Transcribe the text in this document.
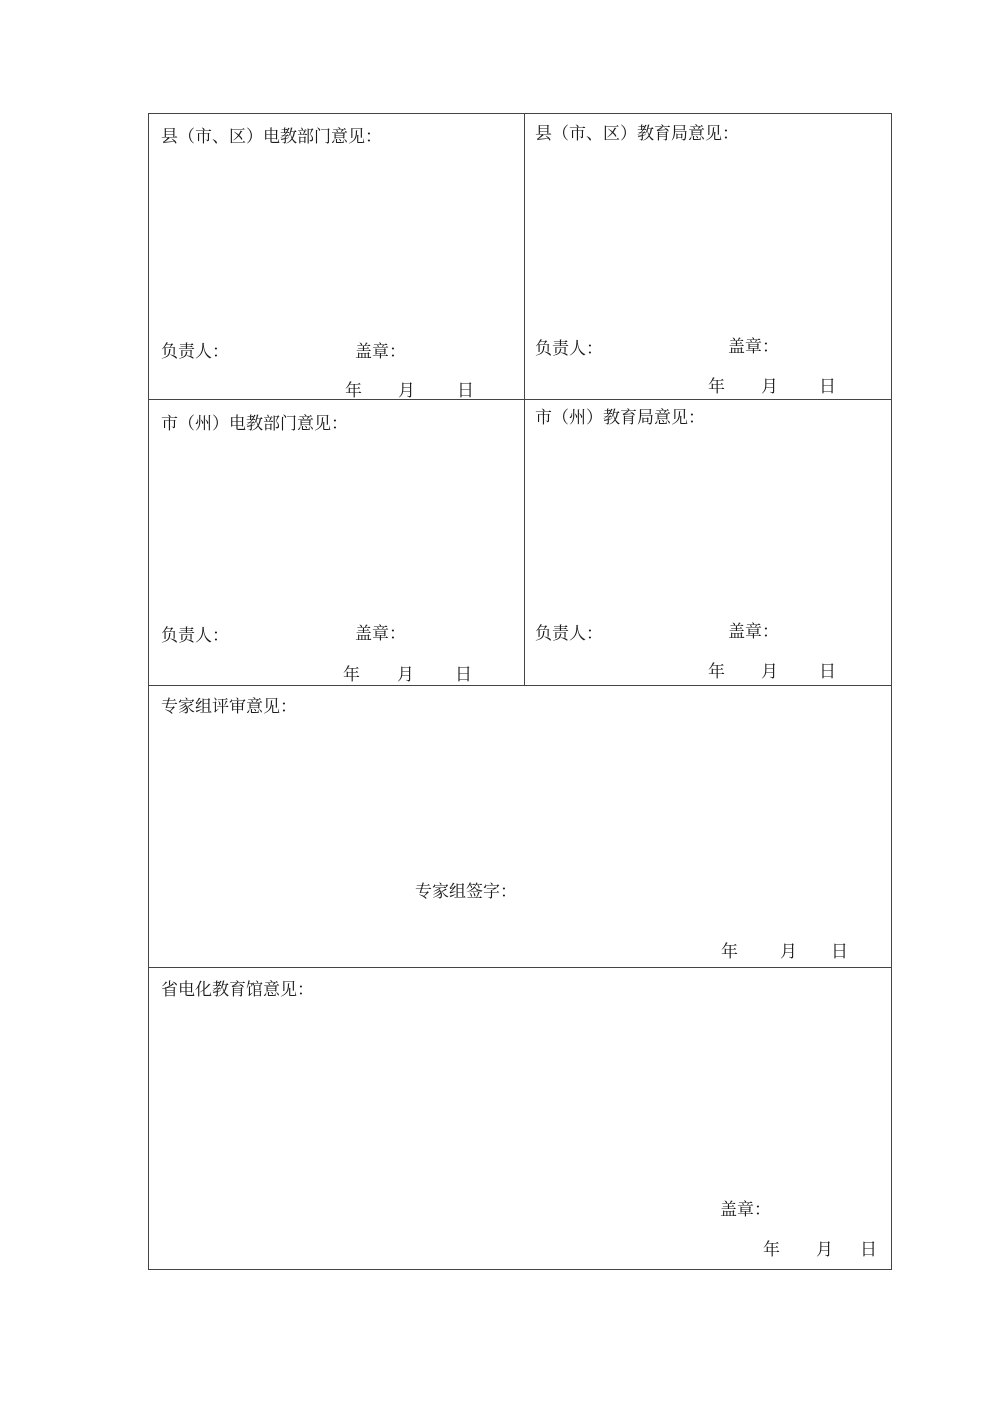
县（市、区）电教部门意见：
负责人：	盖章：
年 月 日
县（市、区）教育局意见：
负责人：	盖章：
年 月 日
市（州）电教部门意见：
负责人：	盖章：
年 月 日
市（州）教育局意见：
负责人：	盖章：
年 月 日
专家组评审意见：
专家组签字：
年 月 日
省电化教育馆意见：
盖章：
年 月 日
